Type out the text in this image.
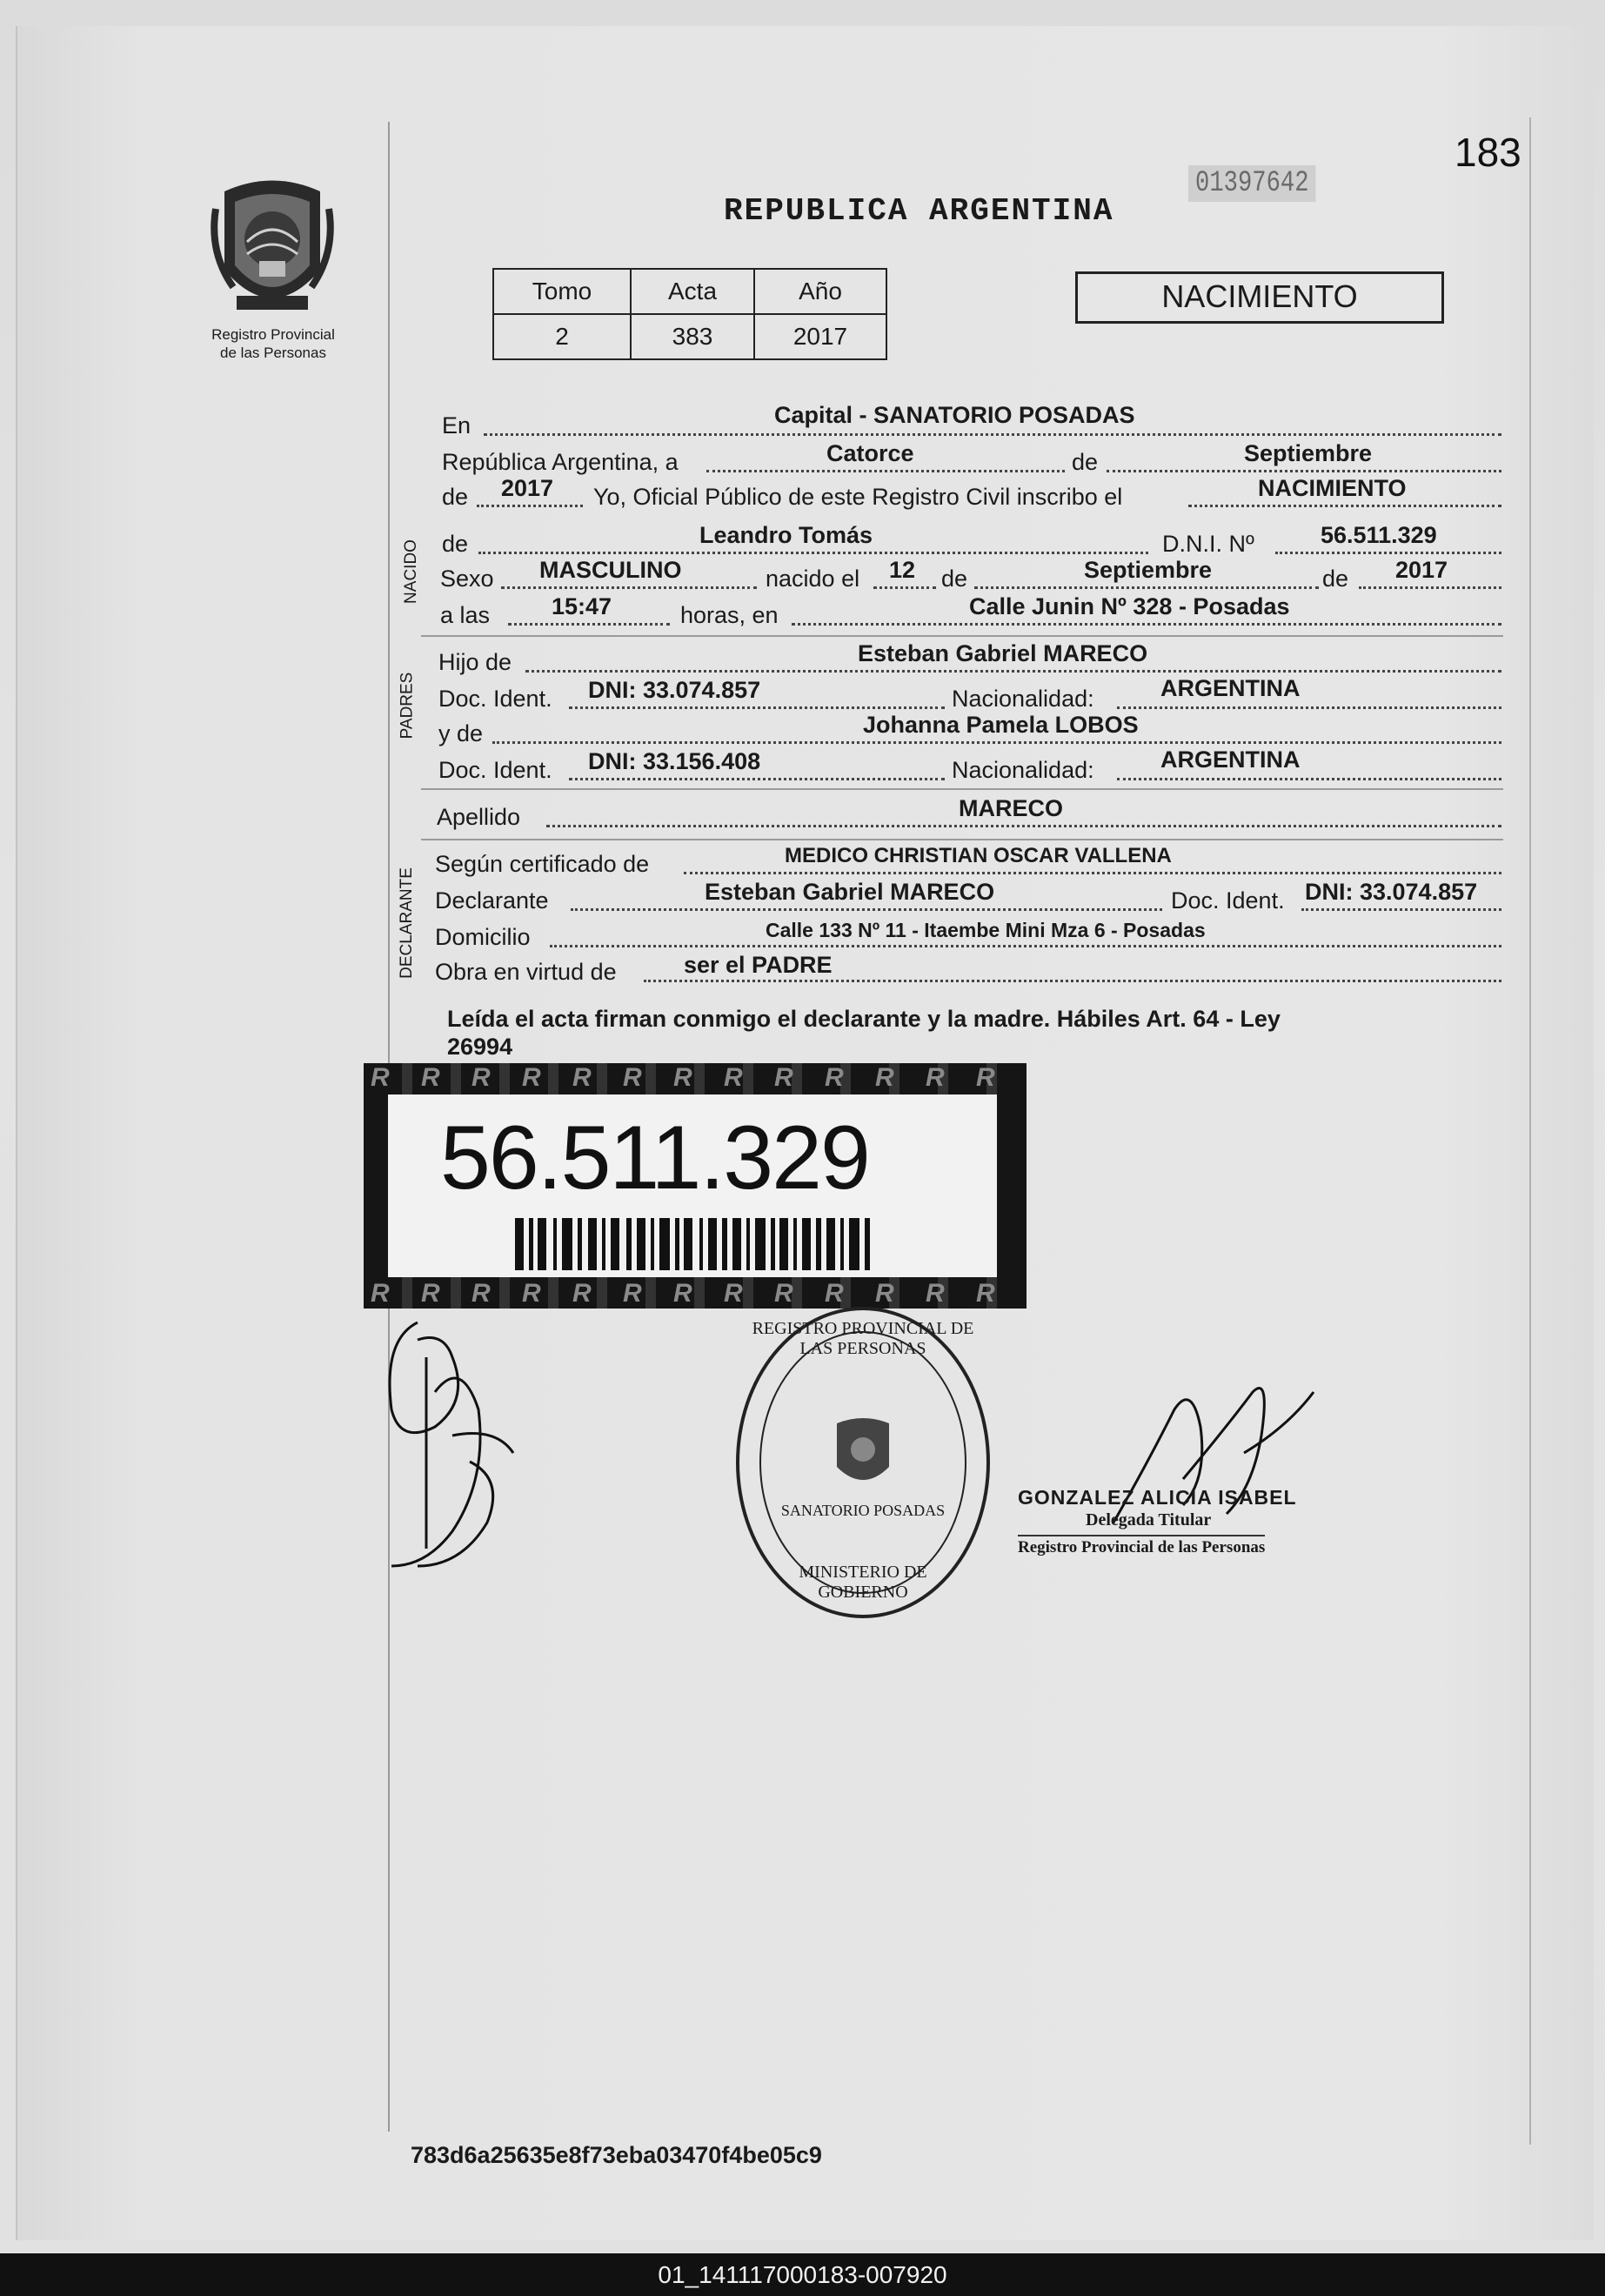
183
Registro Provincial
de las Personas
REPUBLICA ARGENTINA
01397642
Tomo	Acta	Año
2	383	2017
NACIMIENTO
En	Capital - SANATORIO POSADAS
República Argentina, a	Catorce	de	Septiembre
de 2017 Yo, Oficial Público de este Registro Civil inscribo el	NACIMIENTO
NACIDO de	Leandro Tomás	D.N.I. Nº	56.511.329
Sexo MASCULINO	nacido el 12 de	Septiembre	de 2017
a las	15:47	horas, en	Calle Junin Nº 328 - Posadas
PADRES
Hijo de	Esteban Gabriel MARECO
Doc. Ident. DNI: 33.074.857	Nacionalidad:	ARGENTINA
y de	Johanna Pamela LOBOS
Doc. Ident. DNI: 33.156.408	Nacionalidad:	ARGENTINA
Apellido	MARECO
DECLARANTE
Según certificado de	MEDICO CHRISTIAN OSCAR VALLENA
Declarante	Esteban Gabriel MARECO	Doc. Ident. DNI: 33.074.857
Domicilio	Calle 133 Nº 11 - Itaembe Mini Mza 6 - Posadas
Obra en virtud de	ser el PADRE
Leída el acta firman conmigo el declarante y la madre. Hábiles Art. 64 - Ley
26994
56.511.329
R
R
R
R
R
R
R
R
R
R
R
R
R
R
R
R
R
R
R
R
R
R
R
R
R
R
REGISTRO PROVINCIAL DE LAS PERSONAS
SANATORIO POSADAS
MINISTERIO DE GOBIERNO
GONZALEZ ALICIA ISABEL
Delegada Titular
Registro Provincial de las Personas
783d6a25635e8f73eba03470f4be05c9
01_141117000183-007920
